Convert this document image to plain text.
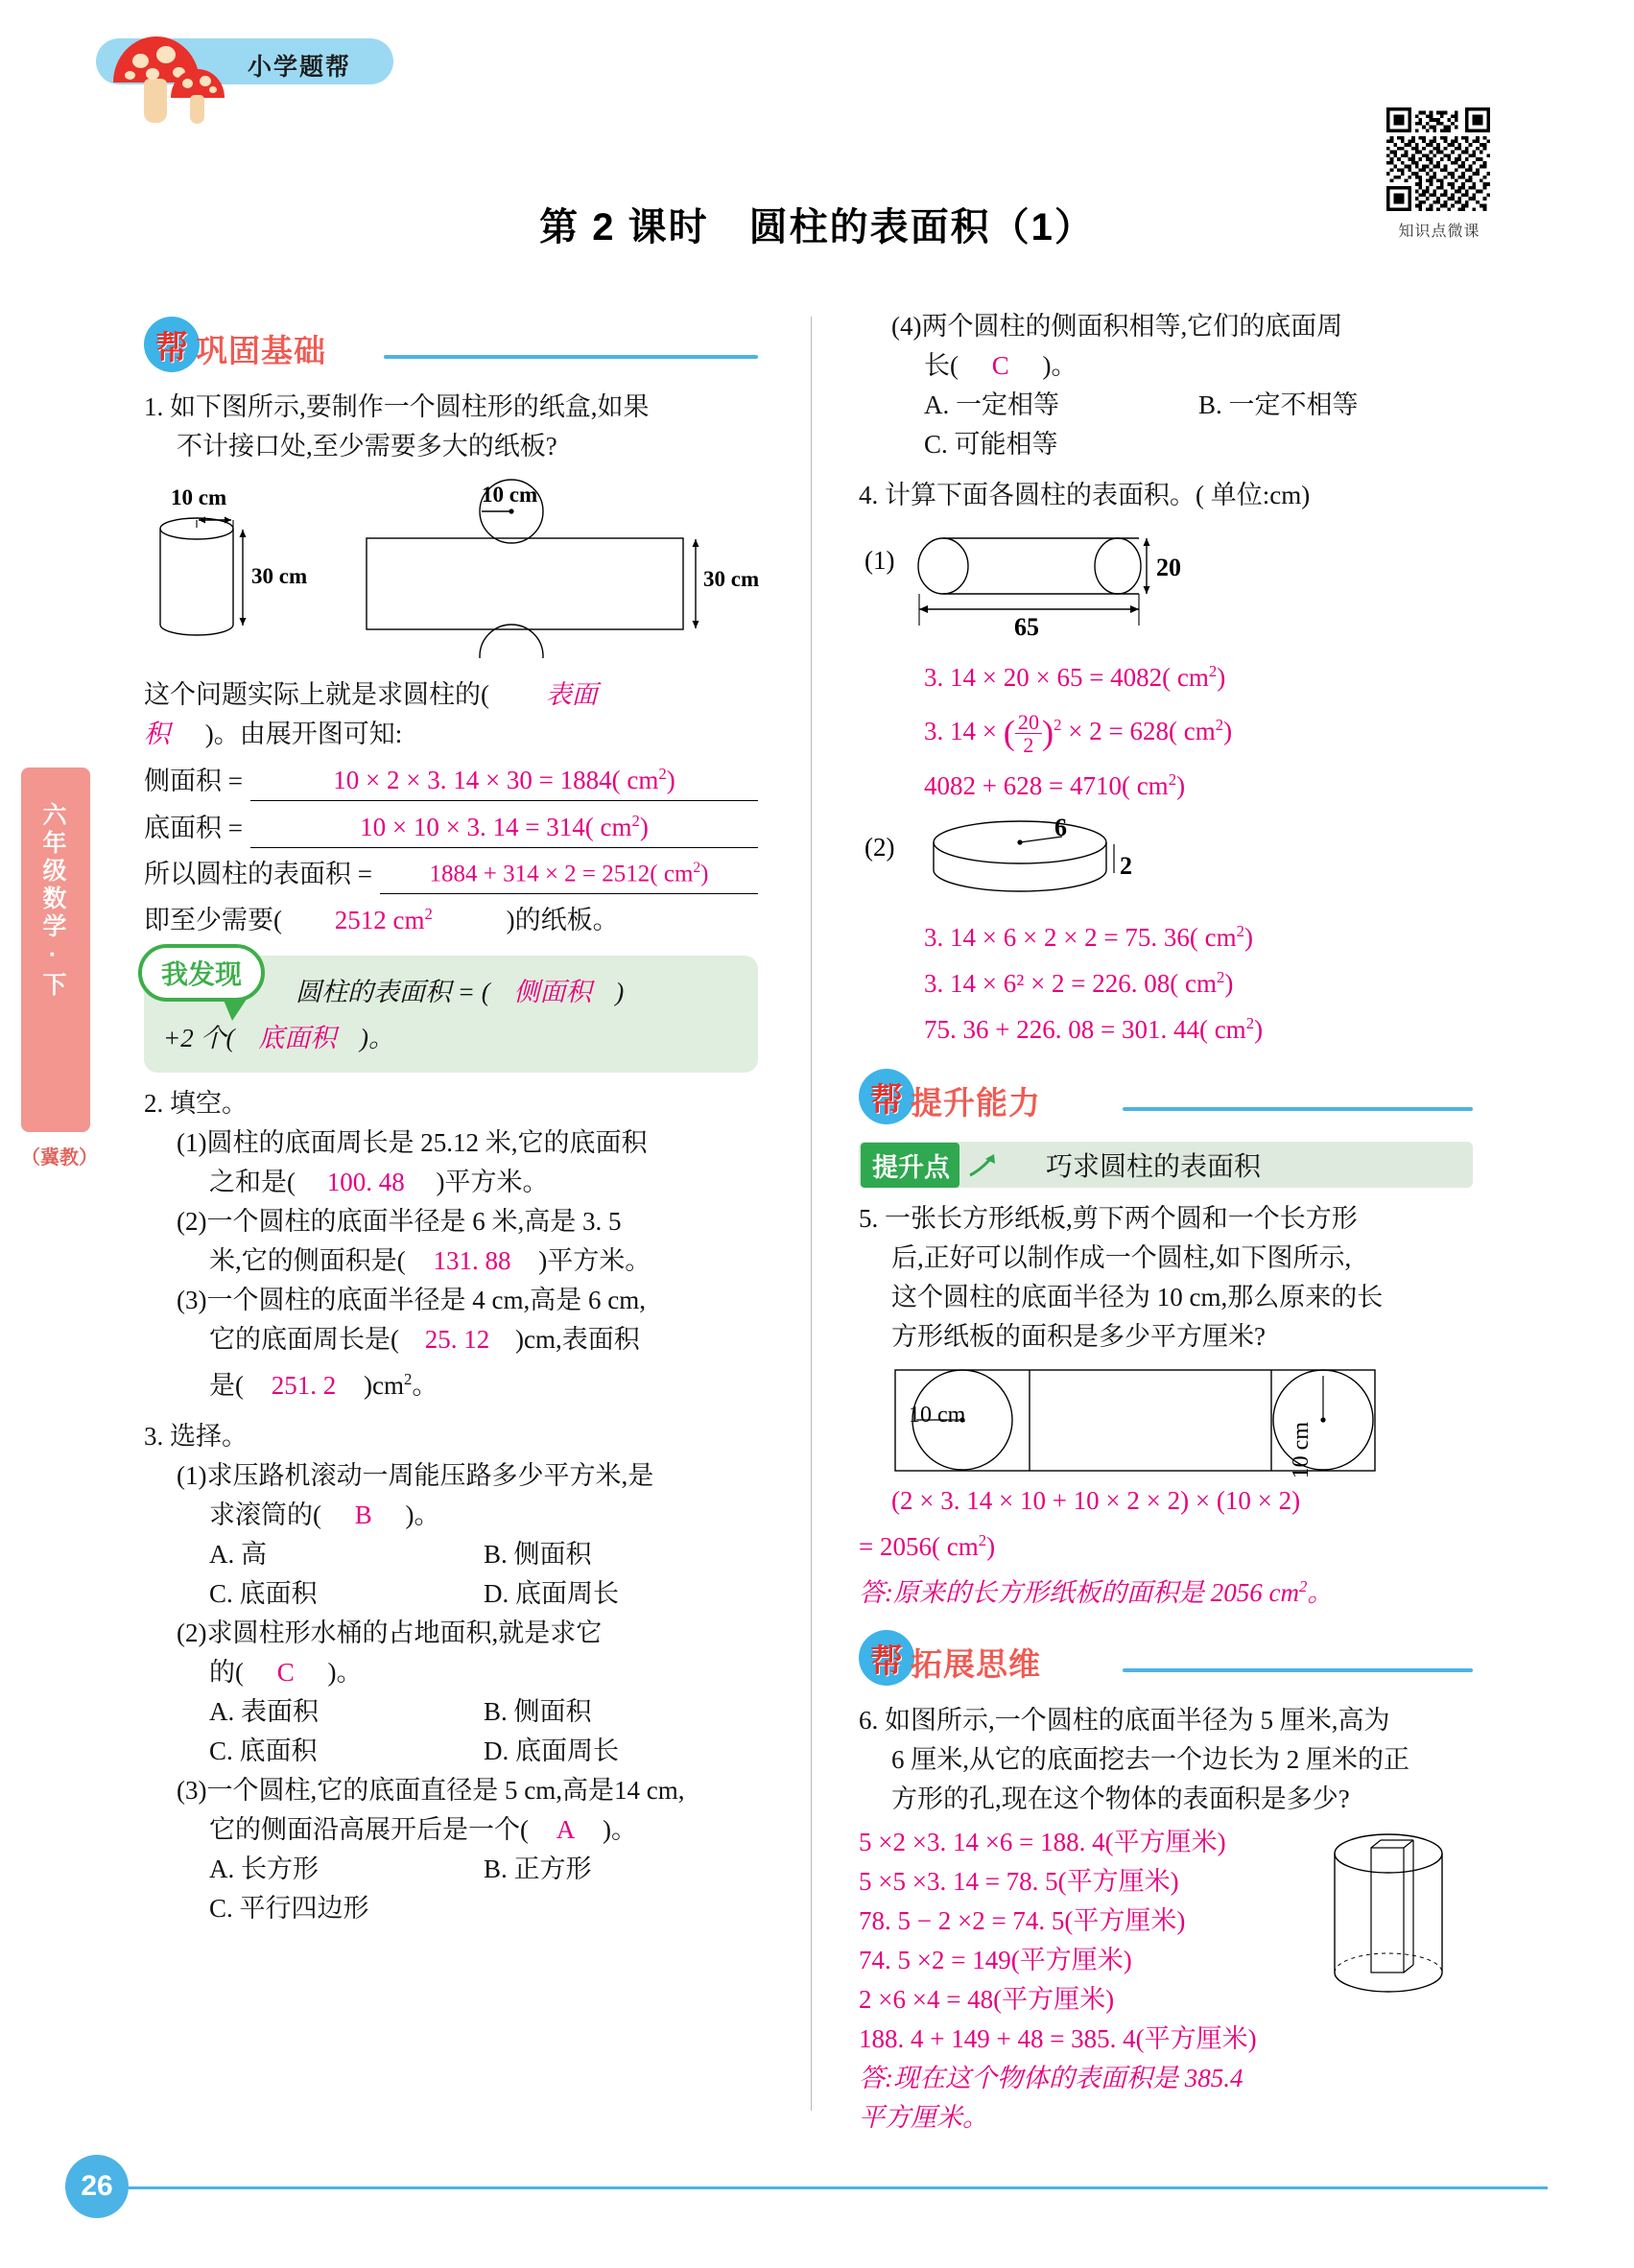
小学题帮
第 2 课时　圆柱的表面积（1）	知识点微课
六年级数学·下
（冀教）
帮 巩固基础
1. 如下图所示,要制作一个圆柱形的纸盒,如果
不计接口处,至少需要多大的纸板?
10 cm
30 cm
10 cm
30 cm
这个问题实际上就是求圆柱的( 表面
积 )。由展开图可知:
侧面积 =	10 × 2 × 3. 14 × 30 = 1884( $cm^2$)
底面积 =	10 × 10 × 3. 14 = 314( $cm^2$)
所以圆柱的表面积 =	1884 + 314 × 2 = 2512( $cm^2$)
即至少需要( 2512 $cm^2$	)的纸板。
我发现
圆柱的表面积 = ( 侧面积 )
+2 个( 底面积 )。
2. 填空。
(1)圆柱的底面周长是 25.12 米,它的底面积
之和是( 100. 48 )平方米。
(2)一个圆柱的底面半径是 6 米,高是 3. 5
米,它的侧面积是( 131. 88 )平方米。
(3)一个圆柱的底面半径是 4 cm,高是 6 cm,
它的底面周长是( 25. 12 )cm,表面积
是( 251. 2 )$cm^2$。
3. 选择。
(1)求压路机滚动一周能压路多少平方米,是
求滚筒的( B )。
A. 高	B. 侧面积
C. 底面积	D. 底面周长
(2)求圆柱形水桶的占地面积,就是求它
的( C )。
A. 表面积	B. 侧面积
C. 底面积	D. 底面周长
(3)一个圆柱,它的底面直径是 5 cm,高是14 cm,
它的侧面沿高展开后是一个( A )。
A. 长方形	B. 正方形
C. 平行四边形
(4)两个圆柱的侧面积相等,它们的底面周
长( C )。
A. 一定相等	B. 一定不相等
C. 可能相等
4. 计算下面各圆柱的表面积。( 单位:cm)
(1)	20
65
3. 14 × 20 × 65 = 4082( $cm^2$)
3. 14 × ( $\frac{20}{2} )^2 \times 2 = 628$( $cm^2$)
4082 + 628 = 4710( $cm^2$)
(2)
6
2
3. 14 × 6 × 2 × 2 = 75. 36( $cm^2$)
3. 14 × 6² × 2 = 226. 08( $cm^2$)
75. 36 + 226. 08 = 301. 44( $cm^2$)
帮 提升能力
提升点	巧求圆柱的表面积
5. 一张长方形纸板,剪下两个圆和一个长方形
后,正好可以制作成一个圆柱,如下图所示,
这个圆柱的底面半径为 10 cm,那么原来的长
方形纸板的面积是多少平方厘米?
10 cm
10 cm
(2 × 3. 14 × 10 + 10 × 2 × 2) × (10 × 2)
= 2056( $cm^2$)
答:原来的长方形纸板的面积是 2056 $cm^2$。
帮 拓展思维
6. 如图所示,一个圆柱的底面半径为 5 厘米,高为
6 厘米,从它的底面挖去一个边长为 2 厘米的正
方形的孔,现在这个物体的表面积是多少?
5 ×2 ×3. 14 ×6 = 188. 4(平方厘米)
5 ×5 ×3. 14 = 78. 5(平方厘米)
78. 5 − 2 ×2 = 74. 5(平方厘米)
74. 5 ×2 = 149(平方厘米)
2 ×6 ×4 = 48(平方厘米)
188. 4 + 149 + 48 = 385. 4(平方厘米)
答:现在这个物体的表面积是 385.4 平方厘米。
26
